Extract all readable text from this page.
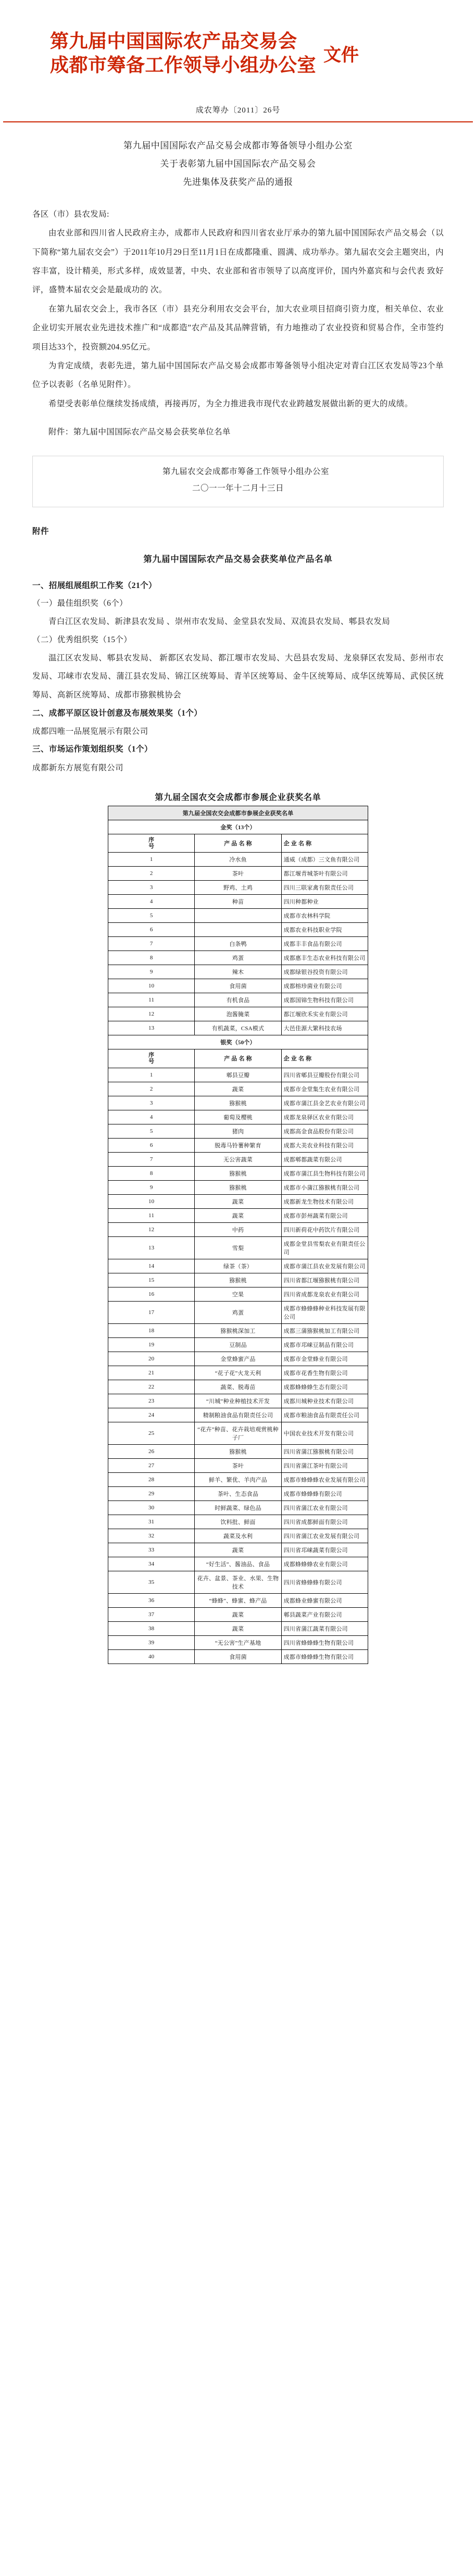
第九届中国国际农产品交易会
成都市筹备工作领导小组办公室 文件
成农筹办〔2011〕26号
第九届中国国际农产品交易会成都市筹备领导小组办公室
关于表彰第九届中国国际农产品交易会
先进集体及获奖产品的通报
各区（市）县农发局:
由农业部和四川省人民政府主办，成都市人民政府和四川省农业厅承办的第九届中国国际农产品交易会（以下简称“第九届农交会”）于2011年10月29日至11月1日在成都隆重、圆满、成功举办。第九届农交会主题突出，内容丰富，设计精美，形式多样，成效显著，中央、农业部和省市领导了以高度评价，国内外嘉宾和与会代表 致好评，盛赞本届农交会是最成功的 次。
在第九届农交会上，我市各区（市）县充分利用农交会平台，加大农业项目招商引资力度，相关单位、农业企业切实开展农业先进技术推广和“成都造”农产品及其品牌营销，有力地推动了农业投资和贸易合作，全市签约项目达33个，投资额204.95亿元。
为肯定成绩，表彰先进，第九届中国国际农产品交易会成都市筹备领导小组决定对青白江区农发局等23个单位予以表彰（名单见附件）。
希望受表彰单位继续发扬成绩，再接再厉，为全力推进我市现代农业跨越发展做出新的更大的成绩。
附件：第九届中国国际农产品交易会获奖单位名单
第九届农交会成都市筹备工作领导小组办公室
二〇一一年十二月十三日
附件
第九届中国国际农产品交易会获奖单位产品名单
一、招展组展组织工作奖（21个）
（一）最佳组织奖（6个）
青白江区农发局、新津县农发局 、崇州市农发局、金堂县农发局、双流县农发局、郫县农发局
（二）优秀组织奖（15个）
温江区农发局、郫县农发局、 新都区农发局、都江堰市农发局、大邑县农发局、龙泉驿区农发局、彭州市农发局、邛崃市农发局、蒲江县农发局、锦江区统筹局、青羊区统筹局、金牛区统筹局、成华区统筹局、武侯区统筹局、高新区统筹局、成都市猕猴桃协会
二、成都平原区设计创意及布展效果奖（1个）
成都四唯一品展览展示有限公司
三、市场运作策划组织奖（1个）
成都新东方展览有限公司
第九届全国农交会成都市参展企业获奖名单
第九届全国农交会成都市参展企业获奖名单		
金奖（13个）		
序
号	产 品 名 称	企 业 名 称
1	冷水鱼	通威（成都）三文鱼有限公司
2	茶叶	都江堰青城茶叶有限公司
3	野鸡、土鸡	四川三联家禽有限责任公司
4	种苗	四川种都种业
5		成都市农林科学院
6		成都农业科技职业学院
7	白条鸭	成都丰丰食品有限公司
8	鸡蛋	成都惠丰生态农业科技有限公司
9	辣木	成都绿银谷投资有限公司
10	食用菌	成都榕珍菌业有限公司
11	有机食品	成都国锦生物科技有限公司
12	泡酱腌菜	都江堰欣禾实业有限公司
13	有机蔬菜，CSA模式	大邑佳源大繁科技农场
银奖（50个）		
序
号	产 品 名 称	企 业 名 称
1	郫县豆瓣	四川省郫县豆瓣股份有限公司
2	蔬菜	成都市金堂集生农业有限公司
3	猕猴桃	成都市蒲江县金艺农业有限公司
4	葡萄及樱桃	成都龙泉驿区农业有限公司
5	猪肉	成都高金食品股份有限公司
6	脱毒马铃薯种繁育	成都大美农业科技有限公司
7	无公害蔬菜	成都郫都蔬菜有限公司
8	猕猴桃	成都市蒲江县生物科技有限公司
9	猕猴桃	成都市小蒲江猕猴桃有限公司
10	蔬菜	成都新龙生物技术有限公司
11	蔬菜	成都市彭州蔬菜有限公司
12	中药	四川新荷花中药饮片有限公司
13	雪梨	成都金堂县雪梨农业有限责任公司
14	绿茶（茶）	成都市蒲江县农业发展有限公司
15	猕猴桃	四川省都江堰猕猴桃有限公司
16	空果	四川省成都龙泉农业有限公司
17	鸡蛋	成都市蜂蜂蜂种业科技发展有限公司
18	猕猴桃深加工	成都三蒲猕猴桃加工有限公司
19	豆制品	成都市邛崃豆制品有限公司
20	金堂蜂蜜产品	成都市金堂蜂业有限公司
21	“花子花”火龙天利	成都市花香生物有限公司
22	蔬菜、脱毒苗	成都蜂蜂蜂生态有限公司
23	“川城”种业种植技术开发	成都川城种业技术有限公司
24	精制粮油食品有限责任公司	成都市粮油食品有限责任公司
25	“花卉”种苗、花卉栽培观赏桃种子厂	中国农业技术开发有限公司
26	猕猴桃	四川省蒲江猕猴桃有限公司
27	茶叶	四川省蒲江茶叶有限公司
28	鲜羊、繁优、羊肉产品	成都市蜂蜂蜂农业发展有限公司
29	茶叶、生态食品	成都市蜂蜂蜂有限公司
30	时鲜蔬菜、绿色品	四川省蒲江农业有限公司
31	饮料批、鲜面	四川省成都鲜面有限公司
32	蔬菜及水利	四川省蒲江农业发展有限公司
33	蔬菜	四川省邛崃蔬菜有限公司
34	“好生活”、酱油品、食品	成都蜂蜂蜂农业有限公司
35	花卉、盆景、茶业、水果、生物技术	四川省蜂蜂蜂有限公司
36	“蜂蜂”、蜂蜜、蜂产品	成都蜂业蜂蜜有限公司
37	蔬菜	郫县蔬菜产业有限公司
38	蔬菜	四川省蒲江蔬菜有限公司
39	“无公害”生产基地	四川省蜂蜂蜂生物有限公司
40	食用菌	成都市蜂蜂蜂生物有限公司
